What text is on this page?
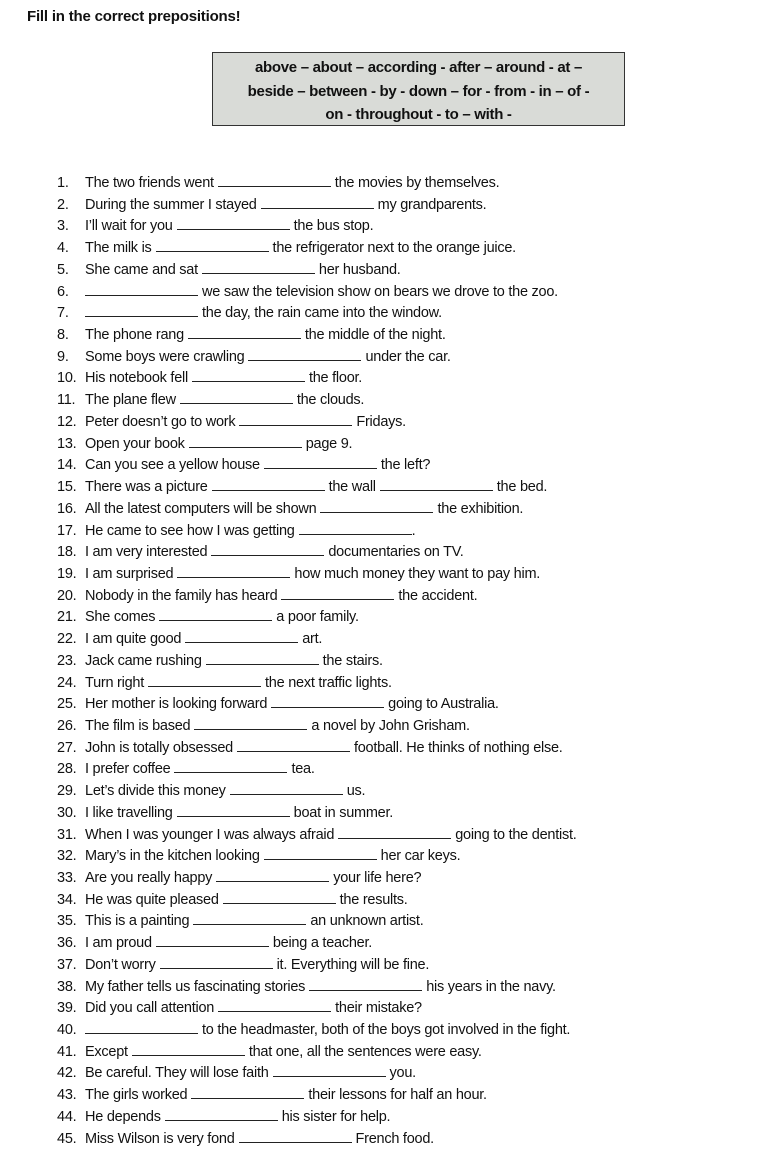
Fill in the correct prepositions!
above – about – according - after – around - at –
beside – between - by - down – for - from - in – of -
on - throughout - to – with -
1.	The two friends went	the movies by themselves.
2.	During the summer I stayed	my grandparents.
3.	I’ll wait for you	the bus stop.
4.	The milk is	the refrigerator next to the orange juice.
5.	She came and sat	her husband.
6.	we saw the television show on bears we drove to the zoo.
7.	the day, the rain came into the window.
8.	The phone rang	the middle of the night.
9.	Some boys were crawling	under the car.
10. His notebook fell	the floor.
11. The plane flew	the clouds.
12. Peter doesn’t go to work	Fridays.
13. Open your book	page 9.
14. Can you see a yellow house	the left?
15. There was a picture	the wall	the bed.
16. All the latest computers will be shown	the exhibition.
17. He came to see how I was getting	.
18. I am very interested	documentaries on TV.
19. I am surprised	how much money they want to pay him.
20. Nobody in the family has heard	the accident.
21. She comes	a poor family.
22. I am quite good	art.
23. Jack came rushing	the stairs.
24. Turn right	the next traffic lights.
25. Her mother is looking forward	going to Australia.
26. The film is based	a novel by John Grisham.
27. John is totally obsessed	football. He thinks of nothing else.
28. I prefer coffee	tea.
29. Let’s divide this money	us.
30. I like travelling	boat in summer.
31. When I was younger I was always afraid	going to the dentist.
32. Mary’s in the kitchen looking	her car keys.
33. Are you really happy	your life here?
34. He was quite pleased	the results.
35. This is a painting	an unknown artist.
36. I am proud	being a teacher.
37. Don’t worry	it. Everything will be fine.
38. My father tells us fascinating stories	his years in the navy.
39. Did you call attention	their mistake?
40.	to the headmaster, both of the boys got involved in the fight.
41. Except	that one, all the sentences were easy.
42. Be careful. They will lose faith	you.
43. The girls worked	their lessons for half an hour.
44. He depends	his sister for help.
45. Miss Wilson is very fond	French food.
